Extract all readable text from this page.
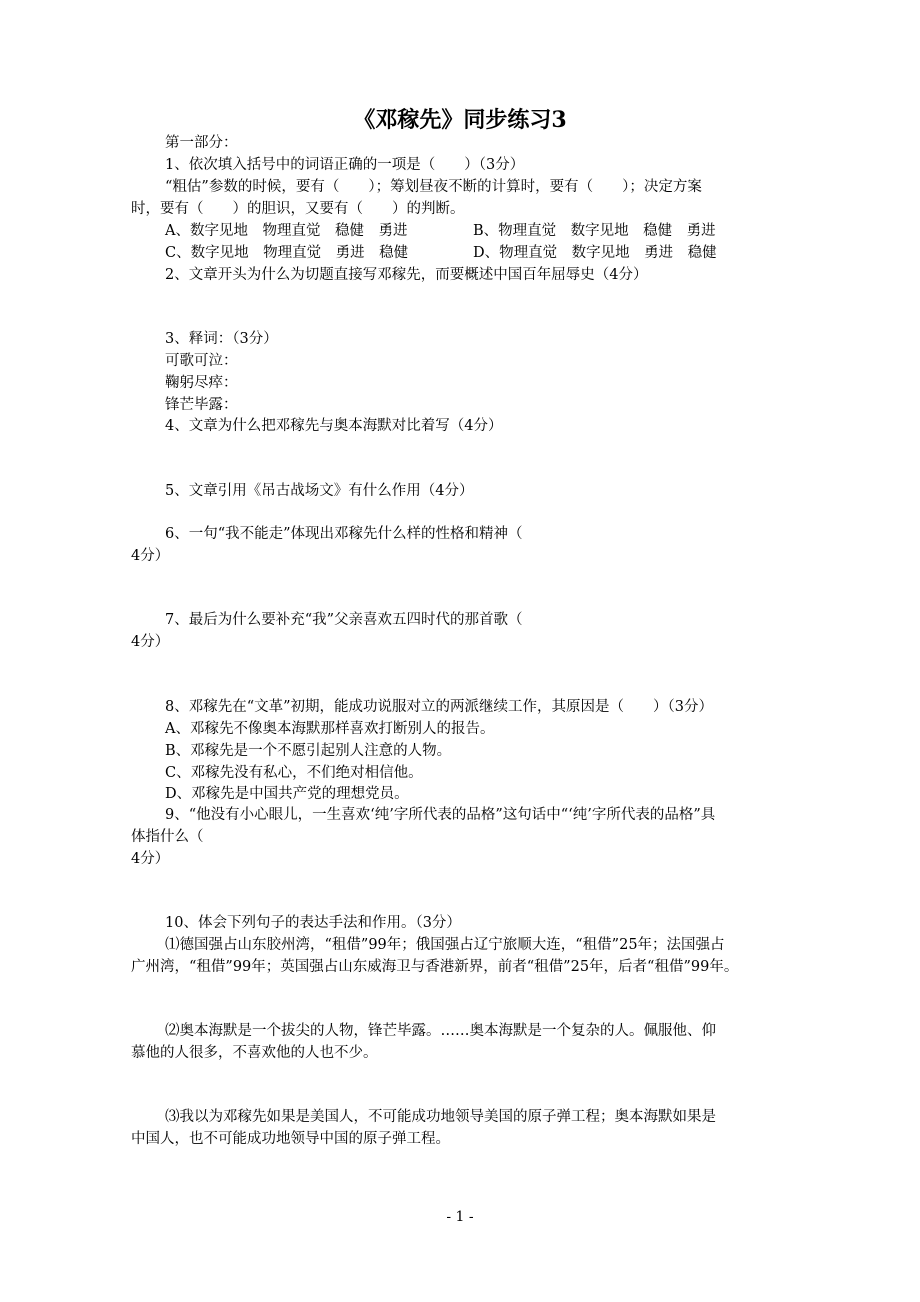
《邓稼先》同步练习3
第一部分：
1、依次填入括号中的词语正确的一项是（　　）（3分）
“粗估”参数的时候，要有（　　）；筹划昼夜不断的计算时，要有（　　）；决定方案
时，要有（　　）的胆识，又要有（　　）的判断。
A、数字见地　物理直觉　稳健　勇进	B、物理直觉　数字见地　稳健　勇进
C、数字见地　物理直觉　勇进　稳健	D、物理直觉　数字见地　勇进　稳健
2、文章开头为什么为切题直接写邓稼先，而要概述中国百年屈辱史（4分）
3、释词：（3分）
可歌可泣：
鞠躬尽瘁：
锋芒毕露：
4、文章为什么把邓稼先与奥本海默对比着写（4分）
5、文章引用《吊古战场文》有什么作用（4分）
6、一句“我不能走”体现出邓稼先什么样的性格和精神（
4分）
7、最后为什么要补充“我”父亲喜欢五四时代的那首歌（
4分）
8、邓稼先在“文革”初期，能成功说服对立的两派继续工作，其原因是（　　）（3分）
A、邓稼先不像奥本海默那样喜欢打断别人的报告。
B、邓稼先是一个不愿引起别人注意的人物。
C、邓稼先没有私心，不们绝对相信他。
D、邓稼先是中国共产党的理想党员。
9、“他没有小心眼儿，一生喜欢‘纯’字所代表的品格”这句话中“‘纯’字所代表的品格”具
体指什么（
4分）
10、体会下列句子的表达手法和作用。（3分）
⑴德国强占山东胶州湾，“租借”99年；俄国强占辽宁旅顺大连，“租借”25年；法国强占
广州湾，“租借”99年；英国强占山东威海卫与香港新界，前者“租借”25年，后者“租借”99年。
⑵奥本海默是一个拔尖的人物，锋芒毕露。……奥本海默是一个复杂的人。佩服他、仰
慕他的人很多，不喜欢他的人也不少。
⑶我以为邓稼先如果是美国人，不可能成功地领导美国的原子弹工程；奥本海默如果是
中国人，也不可能成功地领导中国的原子弹工程。
- 1 -
